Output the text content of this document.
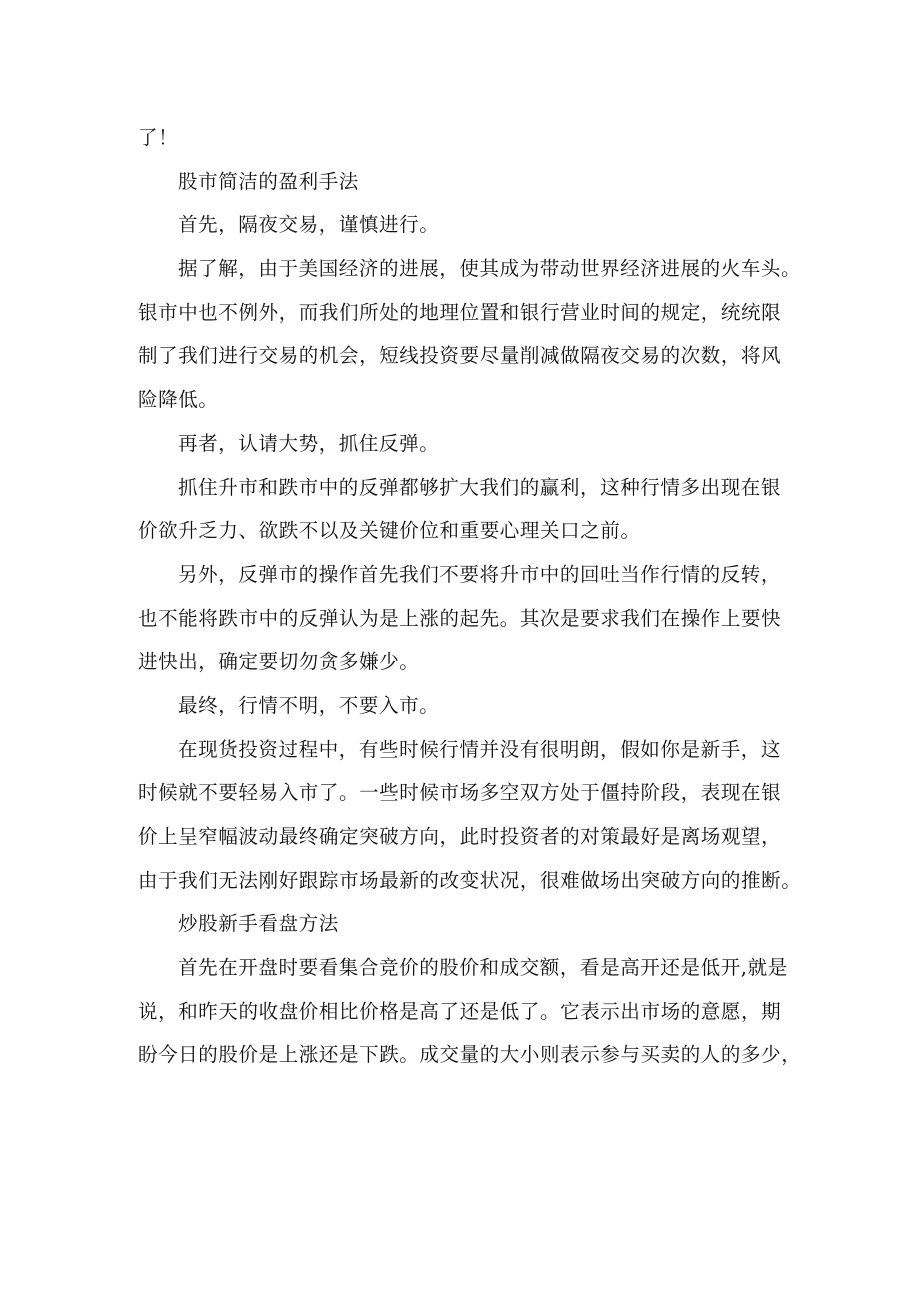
了！
股市简洁的盈利手法
首先，隔夜交易，谨慎进行。
据了解，由于美国经济的进展，使其成为带动世界经济进展的火车头。
银市中也不例外，而我们所处的地理位置和银行营业时间的规定，统统限
制了我们进行交易的机会，短线投资要尽量削减做隔夜交易的次数，将风
险降低。
再者，认请大势，抓住反弹。
抓住升市和跌市中的反弹都够扩大我们的赢利，这种行情多出现在银
价欲升乏力、欲跌不以及关键价位和重要心理关口之前。
另外，反弹市的操作首先我们不要将升市中的回吐当作行情的反转，
也不能将跌市中的反弹认为是上涨的起先。其次是要求我们在操作上要快
进快出，确定要切勿贪多嫌少。
最终，行情不明，不要入市。
在现货投资过程中，有些时候行情并没有很明朗，假如你是新手，这
时候就不要轻易入市了。一些时候市场多空双方处于僵持阶段，表现在银
价上呈窄幅波动最终确定突破方向，此时投资者的对策最好是离场观望，
由于我们无法刚好跟踪市场最新的改变状况，很难做场出突破方向的推断。
炒股新手看盘方法
首先在开盘时要看集合竞价的股价和成交额，看是高开还是低开,就是
说，和昨天的收盘价相比价格是高了还是低了。它表示出市场的意愿，期
盼今日的股价是上涨还是下跌。成交量的大小则表示参与买卖的人的多少，
